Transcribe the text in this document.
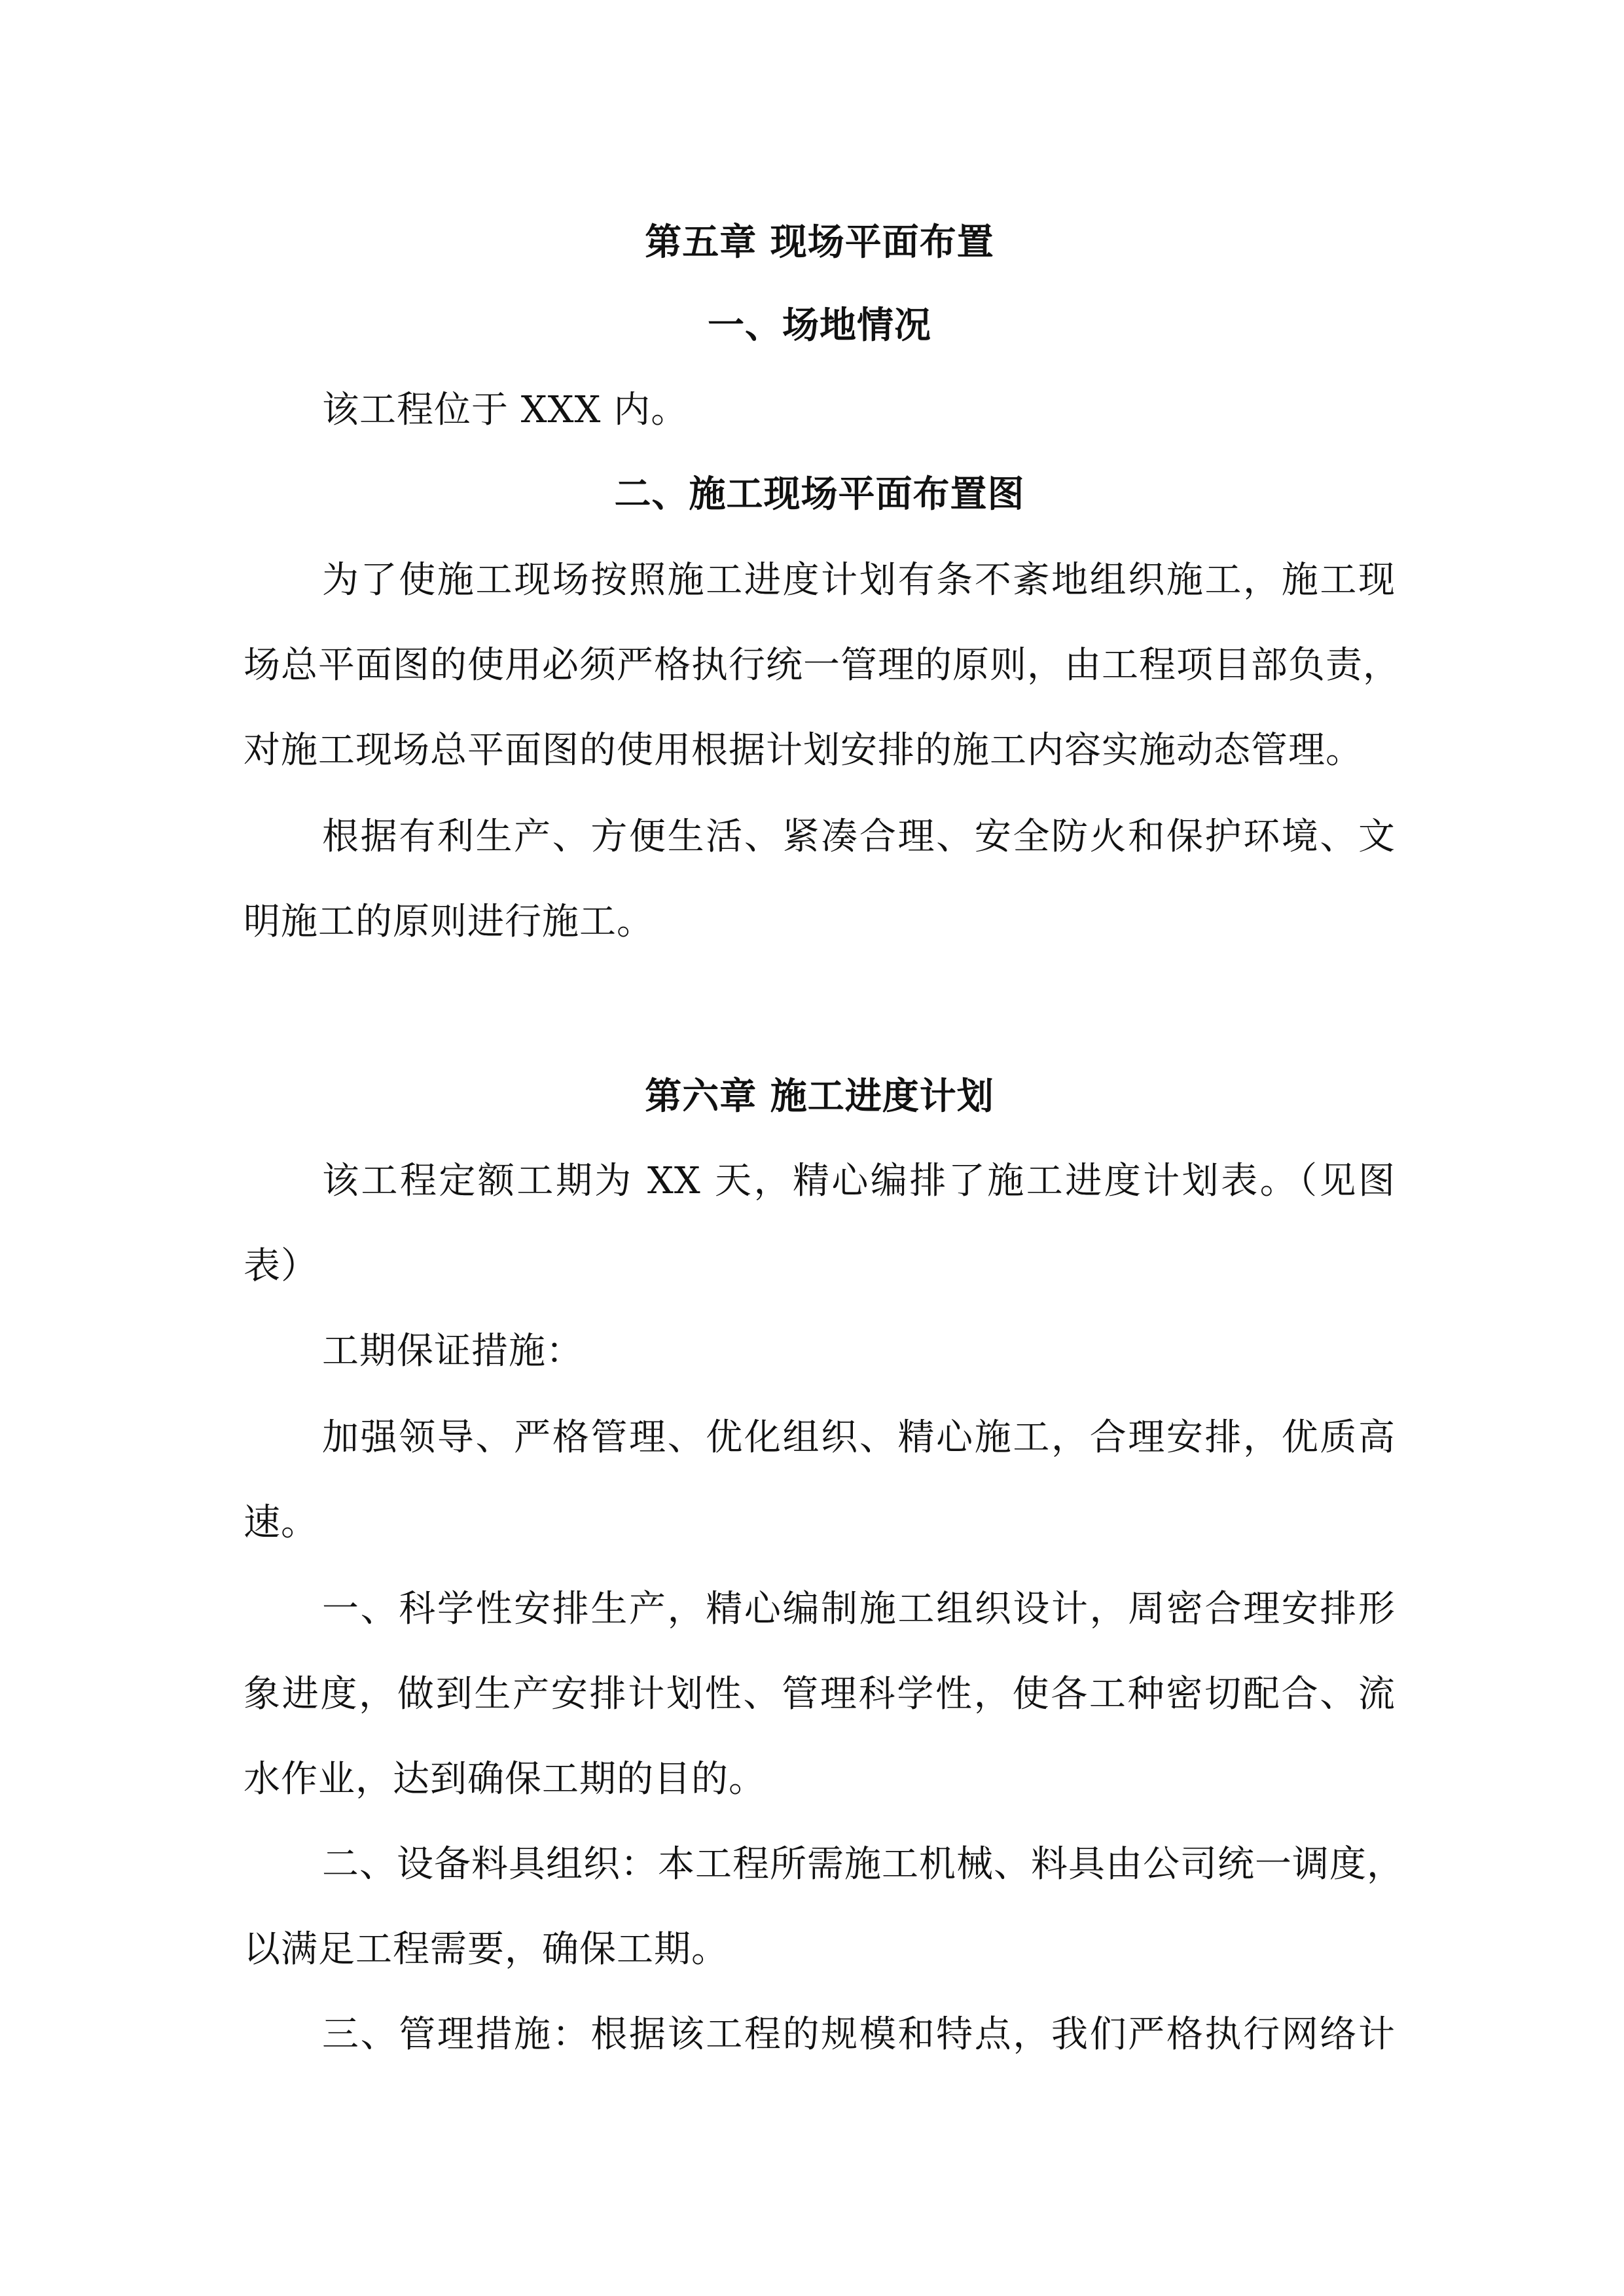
第五章 现场平面布置
一、场地情况
该工程位于 XXX 内。
二、施工现场平面布置图
为了使施工现场按照施工进度计划有条不紊地组织施工，施工现
场总平面图的使用必须严格执行统一管理的原则，由工程项目部负责，
对施工现场总平面图的使用根据计划安排的施工内容实施动态管理。
根据有利生产、方便生活、紧凑合理、安全防火和保护环境、文
明施工的原则进行施工。
第六章 施工进度计划
该工程定额工期为 XX 天，精心编排了施工进度计划表。（见图
表）
工期保证措施：
加强领导、严格管理、优化组织、精心施工，合理安排，优质高
速。
一、科学性安排生产，精心编制施工组织设计，周密合理安排形
象进度，做到生产安排计划性、管理科学性，使各工种密切配合、流
水作业，达到确保工期的目的。
二、设备料具组织：本工程所需施工机械、料具由公司统一调度，
以满足工程需要，确保工期。
三、管理措施：根据该工程的规模和特点，我们严格执行网络计
